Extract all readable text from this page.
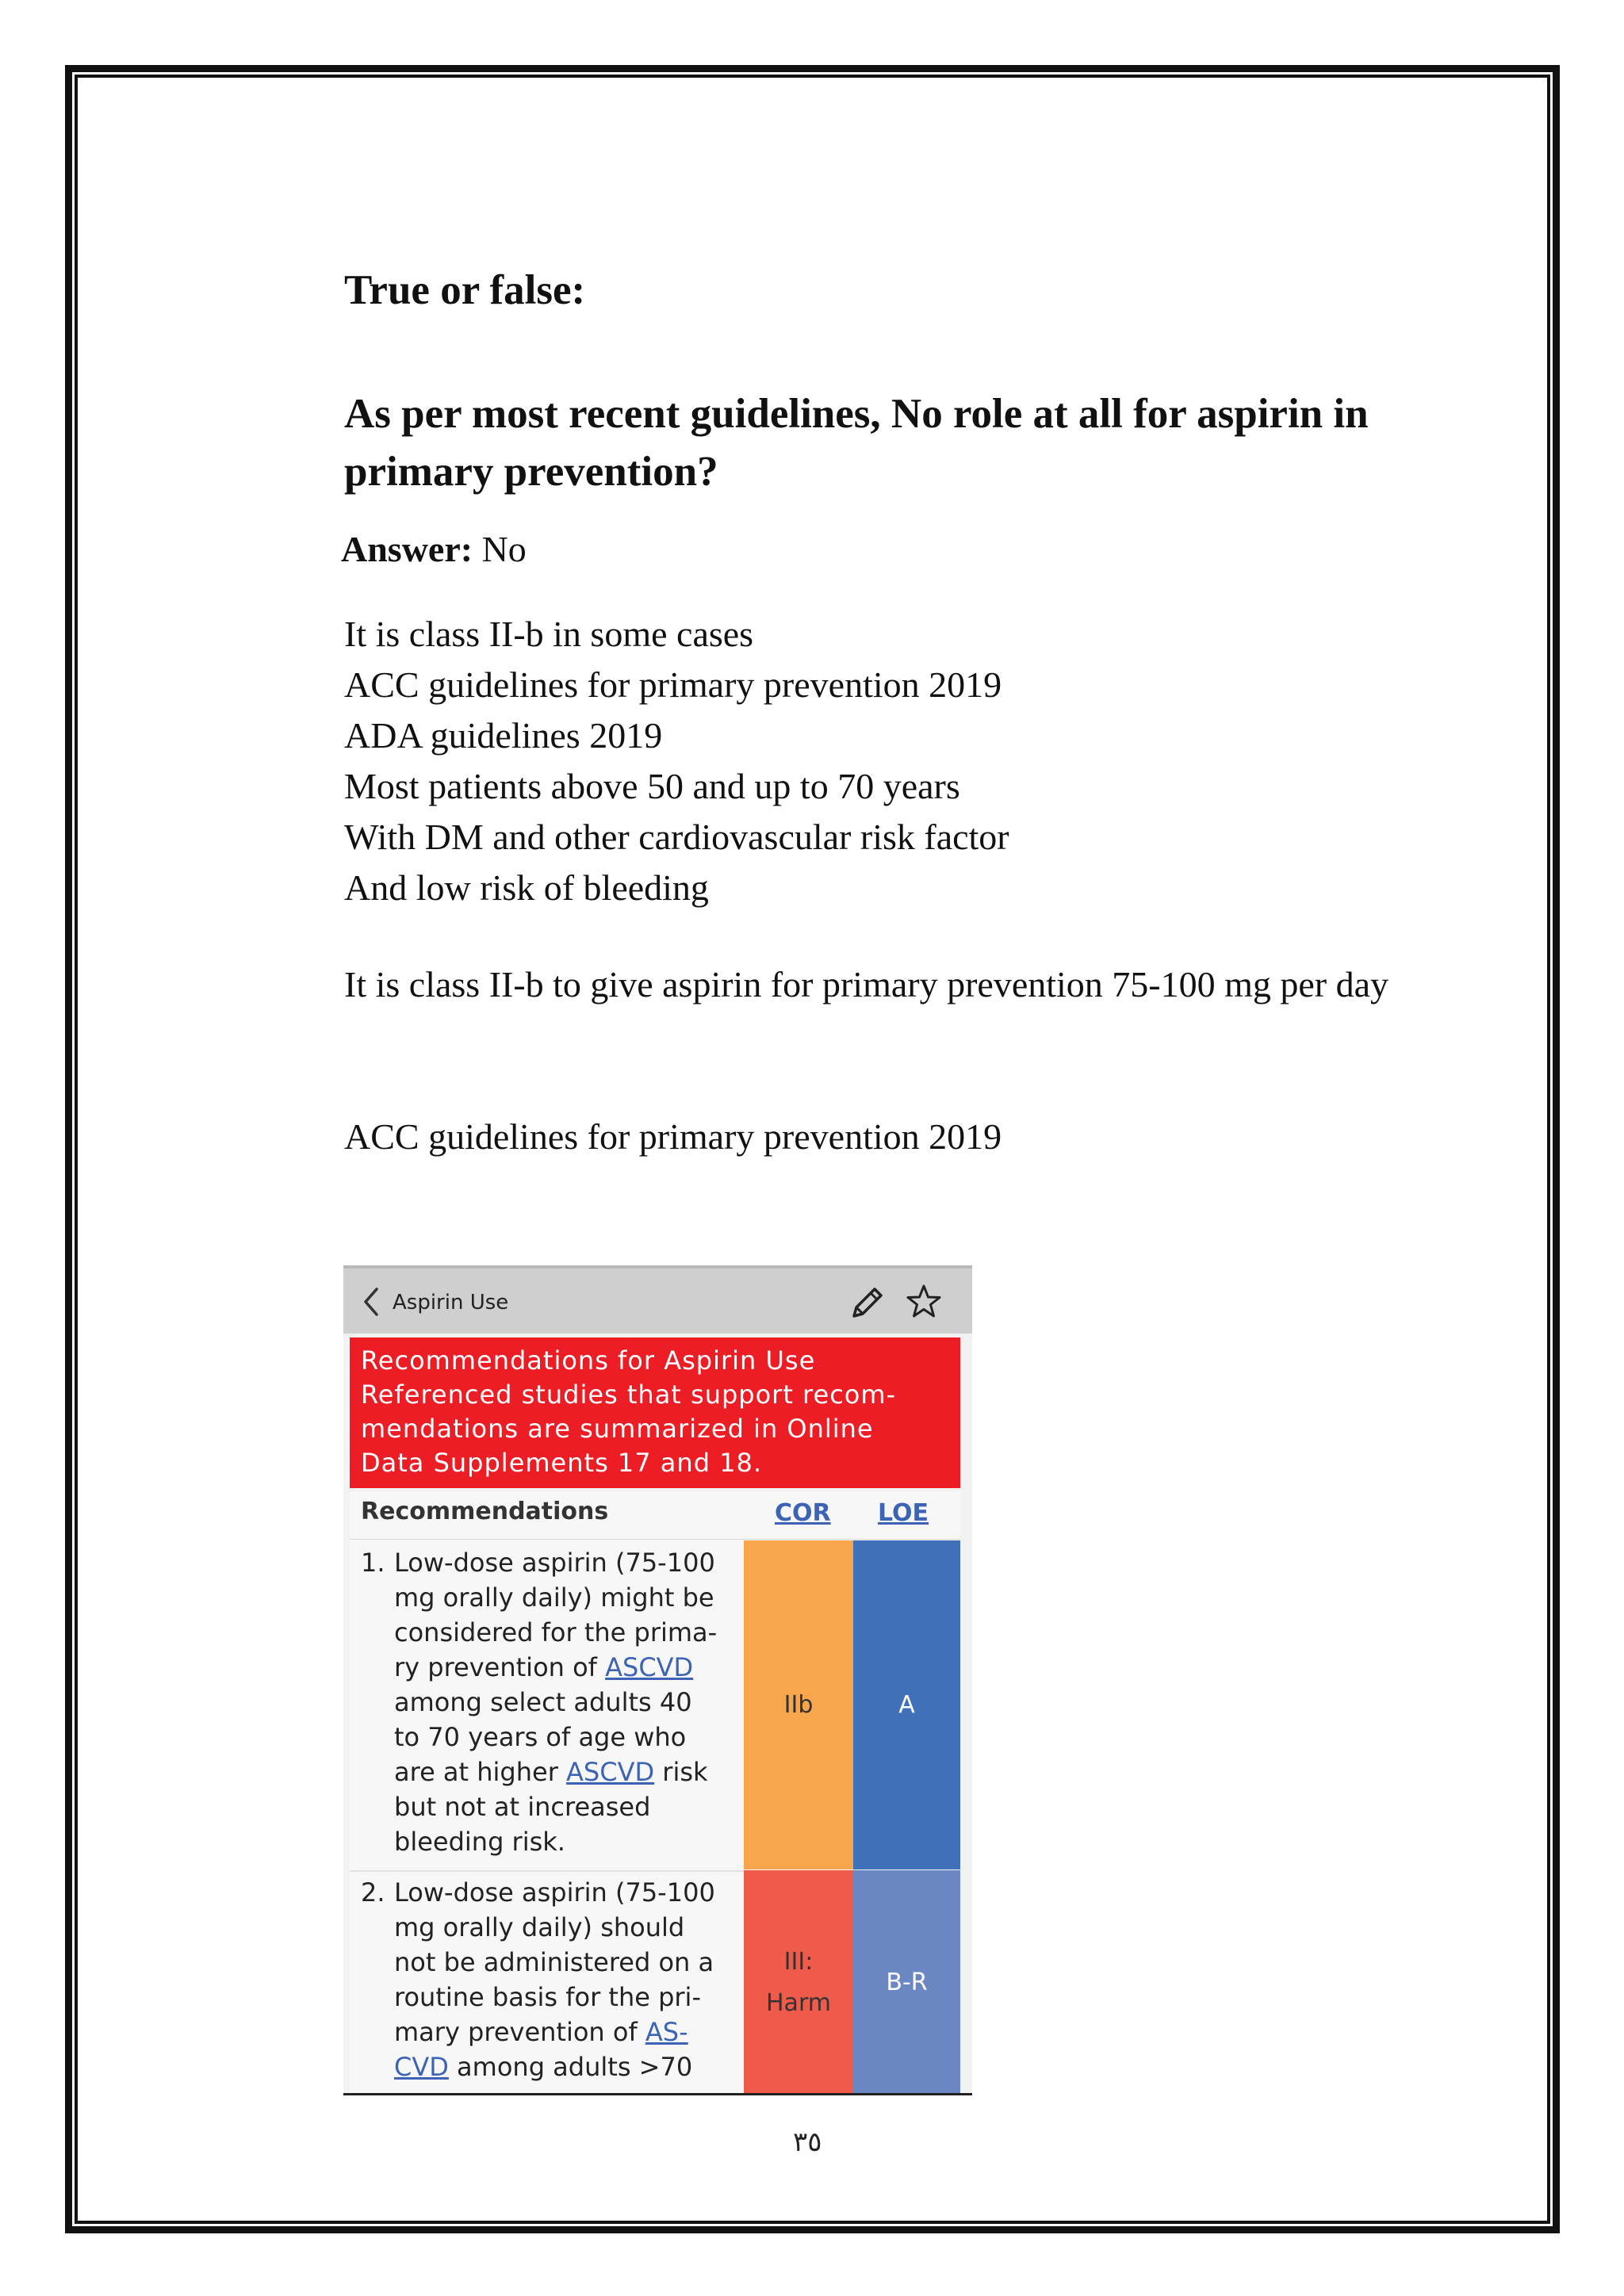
True or false:
As per most recent guidelines, No role at all for aspirin in primary prevention?
Answer: No
It is class II-b in some cases
ACC guidelines for primary prevention 2019
ADA guidelines 2019
Most patients above 50 and up to 70 years
With DM and other cardiovascular risk factor
And low risk of bleeding
It is class II-b to give aspirin for primary prevention 75-100 mg per day
ACC guidelines for primary prevention 2019
Aspirin Use
Recommendations for Aspirin Use
Referenced studies that support recom-
mendations are summarized in Online
Data Supplements 17 and 18.
Recommendations	COR LOE
IIb	A
1. Low-dose aspirin (75-100
mg orally daily) might be
considered for the prima-
ry prevention of ASCVD
among select adults 40
to 70 years of age who
are at higher ASCVD risk
but not at increased
bleeding risk.
III:
Harm
B-R
2. Low-dose aspirin (75-100
mg orally daily) should
not be administered on a
routine basis for the pri-
mary prevention of AS-
CVD among adults >70
٣٥
